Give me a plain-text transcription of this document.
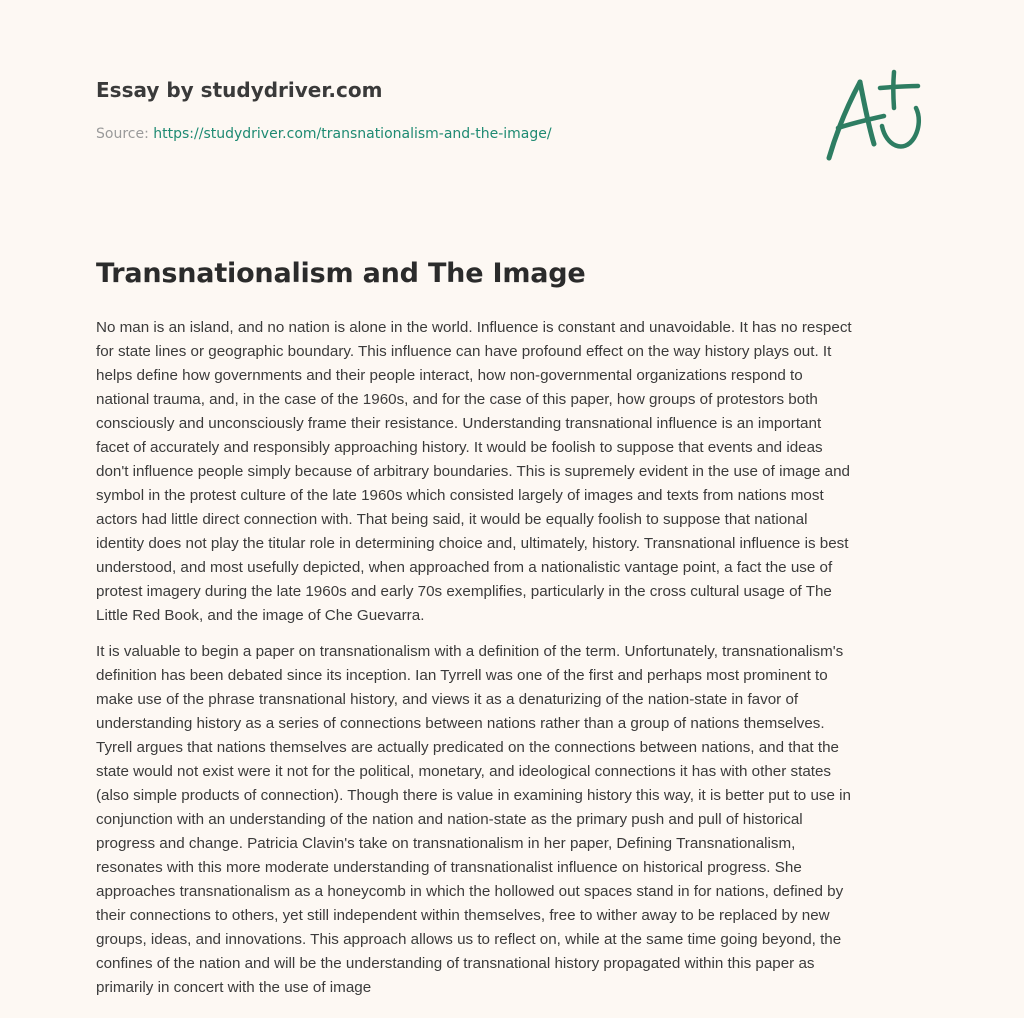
Essay by studydriver.com
Source: https://studydriver.com/transnationalism-and-the-image/
Transnationalism and The Image

No man is an island, and no nation is alone in the world. Influence is constant and unavoidable. It has no respect
for state lines or geographic boundary. This influence can have profound effect on the way history plays out. It
helps define how governments and their people interact, how non-governmental organizations respond to
national trauma, and, in the case of the 1960s, and for the case of this paper, how groups of protestors both
consciously and unconsciously frame their resistance. Understanding transnational influence is an important
facet of accurately and responsibly approaching history. It would be foolish to suppose that events and ideas
don't influence people simply because of arbitrary boundaries. This is supremely evident in the use of image and
symbol in the protest culture of the late 1960s which consisted largely of images and texts from nations most
actors had little direct connection with. That being said, it would be equally foolish to suppose that national
identity does not play the titular role in determining choice and, ultimately, history. Transnational influence is best
understood, and most usefully depicted, when approached from a nationalistic vantage point, a fact the use of
protest imagery during the late 1960s and early 70s exemplifies, particularly in the cross cultural usage of The
Little Red Book, and the image of Che Guevarra.

It is valuable to begin a paper on transnationalism with a definition of the term. Unfortunately, transnationalism's
definition has been debated since its inception. Ian Tyrrell was one of the first and perhaps most prominent to
make use of the phrase transnational history, and views it as a denaturizing of the nation-state in favor of
understanding history as a series of connections between nations rather than a group of nations themselves.
Tyrell argues that nations themselves are actually predicated on the connections between nations, and that the
state would not exist were it not for the political, monetary, and ideological connections it has with other states
(also simple products of connection). Though there is value in examining history this way, it is better put to use in
conjunction with an understanding of the nation and nation-state as the primary push and pull of historical
progress and change. Patricia Clavin's take on transnationalism in her paper, Defining Transnationalism,
resonates with this more moderate understanding of transnationalist influence on historical progress. She
approaches transnationalism as a honeycomb in which the hollowed out spaces stand in for nations, defined by
their connections to others, yet still independent within themselves, free to wither away to be replaced by new
groups, ideas, and innovations. This approach allows us to reflect on, while at the same time going beyond, the
confines of the nation and will be the understanding of transnational history propagated within this paper as
primarily in concert with the use of image
